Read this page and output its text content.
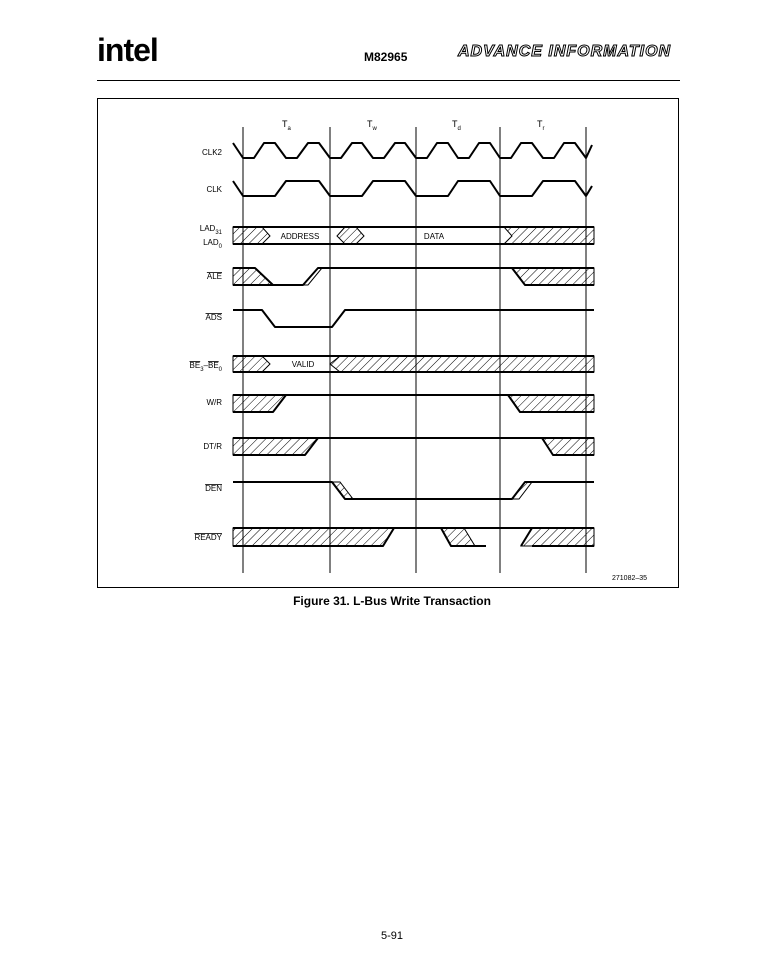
intel	M82965	ADVANCE INFORMATION
$T_a$	$T_w$	$T_d$	$T_r$
CLK2
CLK
$LAD_{31}$
$LAD_0$
ALE
ADS
$BE_3-BE_0$
W/R
DT/R
DEN
READY
ADDRESS	DATA
VALID
271082–35
Figure 31. L-Bus Write Transaction
5-91
